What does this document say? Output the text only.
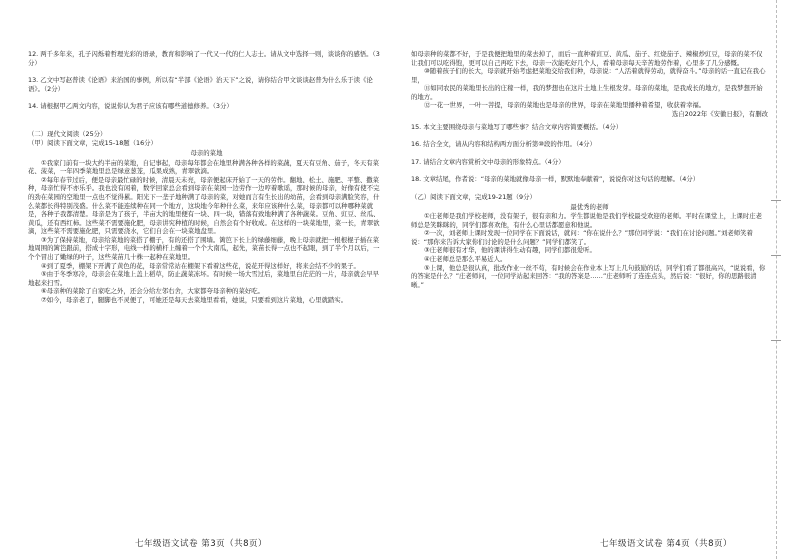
12. 两千多年来，孔子闪烁着哲理光彩的语录，教育和影响了一代又一代的仁人志士。请从文中选择一则，谈谈你的感悟。（3分）

13. 乙文中写赵普读《论语》来治国的事例，所以有“半部《论语》治天下”之说，请你结合甲文谈谈赵普为什么乐于读《论语》。（2分）

14. 请根据甲乙两文内容，说说你认为君子应该有哪些道德修养。（3分）

（二）现代文阅读（25分）

（甲）阅读下面文章，完成15-18题（16分）

母亲的菜地

①我家门前有一块大约半亩的菜地，自记事起，母亲每年都会在地里种满各种各样的菜蔬，夏天有豆角、茄子，冬天有菜花、菠菜，一年四季菜地里总是绿意葱茏，瓜果成熟，青翠欲滴。

②每年春节过后，便是母亲最忙碌的时候，清晨天未亮，母亲便起床开始了一天的劳作。翻地、松土、施肥、平整、撒菜种，母亲忙得不亦乐乎。我也没有闲着，数学回家总会看到母亲在菜园一边劳作一边哼着歌谣，那时候的母亲，好像有使不完的劲在菜园的空地里一点也不觉得累。阳光下一垄子地种满了母亲的菜，对她而言有生长出的幼苗，会看到母亲满脸笑容，什么菜都长得特别茂盛。什么菜不能连续种在同一个地方，这块地今年种什么菜，来年应该种什么菜，母亲都可以种哪种菜就是，各种子我都清楚。母亲是为了孩子，半亩大的地里便有一块、四一块，错落有致地种满了各种蔬菜。豆角、豇豆、丝瓜、黄瓜，还有西红柿。这些菜不需要施化肥，母亲讲究种植的时候，自然会有个好收成。在这样的一块菜地里，菜一长，青翠欲滴，这些菜不需要施化肥，只需要浇水，它们自会在一块菜地盘里。

③为了保持菜地，母亲给菜地的菜搭了棚子，有的还搭了围墙。篱笆下长上的绿藤细藤，晚上母亲就把一根根棍子插在菜地周围的篱笆跟前，搭成十字形，电线一样的横杆上缠着一个个大南瓜，起先，菜苗长得一点也不起眼，到了半个月以后，一个个冒出了嫩绿的叶子，这些菜苗几十株一起种在菜地里。

④到了夏季，棚架下开满了黄色的花，母亲常常站在棚架下看着这些花，说花开得这样好，将来会结不少的果子。

⑤由于冬季寒冷，母亲会在菜地上盖上稻草，防止蔬菜冻坏。有时候一场大雪过后，菜地里白茫茫的一片，母亲就会早早地起来扫雪。

⑥母亲种的菜除了自家吃之外，还会分给左邻右舍，大家都夸母亲种的菜好吃。

⑦如今，母亲老了，腿脚也不灵便了，可她还是每天去菜地里看看，她说，只要看到这片菜地，心里就踏实。

如母亲种的菜都不好，于是我便把地里的菜去掉了，而后一直种着豇豆、黄瓜、茄子、红烧茄子、辣椒炒豇豆，母亲的菜不仅让我们可以吃得饱，更可以自己再吃下去，母亲一次能吃好几个人，看着母亲每天辛苦地劳作着，心里多了几分感慨。

⑩随着孩子们的长大，母亲就开始考虑把菜地交给我们种，母亲说：“人活着就得劳动，就得奋斗。”母亲的话一直记在我心里，

⑪如同农民的菜地里长出的庄稼一样，我的梦想也在这片土地上生根发芽。母亲的菜地，是我成长的地方，是我梦想开始的地方。

⑫一花一世界，一叶一菩提，母亲的菜地也是母亲的世界，母亲在菜地里播种着希望，收获着幸福。

选自2022年《安徽日报》，有删改

15. 本文主要围绕母亲与菜地写了哪些事？结合文章内容简要概括。（4分）

16. 结合全文，请从内容和结构两方面分析第⑩段的作用。（4分）

17. 请结合文章内容赏析文中母亲的形象特点。（4分）

18. 文章结尾，作者说：“母亲的菜地就像母亲一样，默默地奉献着”，说说你对这句话的理解。（4分）

（乙）阅读下面文章，完成19-21题（9分）

最优秀的老师

①庄老师是我们学校老师，没有架子，很有亲和力。学生都说他是我们学校最受欢迎的老师。平时在课堂上，上课时庄老师总是笑眯眯的，同学们都喜欢他，有什么心里话都愿意和他说。

②一次，刘老师上课时发现一位同学在下面说话，就问：“你在说什么？”那位同学说：“我们在讨论问题。”刘老师笑着说：“那你来告诉大家你们讨论的是什么问题？”同学们都笑了。

③庄老师很有才华，他的课讲得生动有趣，同学们都很爱听。

④庄老师总是那么平易近人。

⑤上课，他总是很认真，批改作业一丝不苟，有时候会在作业本上写上几句鼓励的话，同学们看了都很高兴，“说说看，你的答案是什么？”庄老师问，一位同学站起来回答：“我的答案是……”庄老师听了连连点头，然后说：“很好，你的思路很清晰。”

七年级语文试卷 第3页（共8页）	七年级语文试卷 第4页（共8页）
